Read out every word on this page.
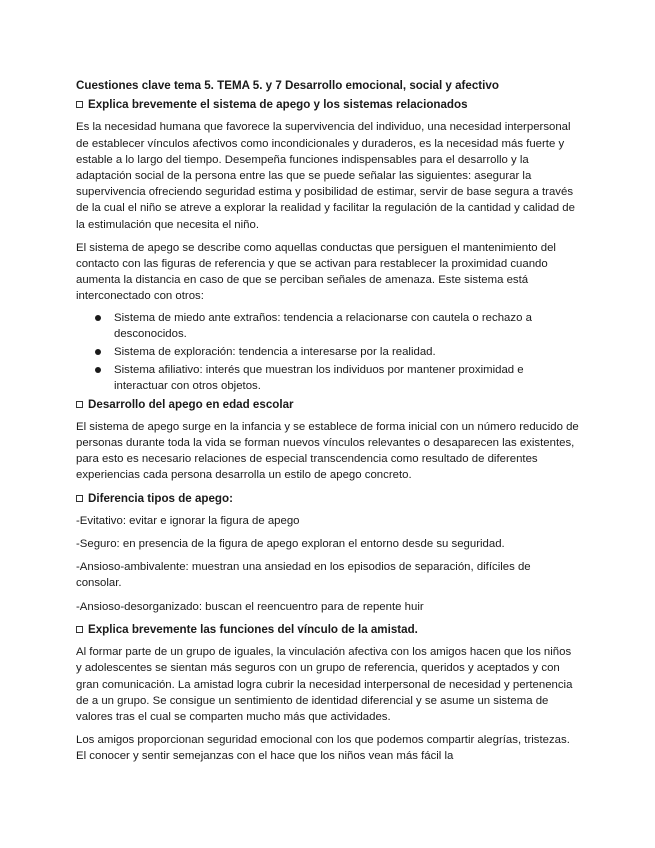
Cuestiones clave tema 5. TEMA 5. y 7 Desarrollo emocional, social y afectivo
Explica brevemente el sistema de apego y los sistemas relacionados

Es la necesidad humana que favorece la supervivencia del individuo, una necesidad interpersonal de establecer vínculos afectivos como incondicionales y duraderos, es la necesidad más fuerte y estable a lo largo del tiempo. Desempeña funciones indispensables para el desarrollo y la adaptación social de la persona entre las que se puede señalar las siguientes: asegurar la supervivencia ofreciendo seguridad estima y posibilidad de estimar, servir de base segura a través de la cual el niño se atreve a explorar la realidad y facilitar la regulación de la cantidad y calidad de la estimulación que necesita el niño.

El sistema de apego se describe como aquellas conductas que persiguen el mantenimiento del contacto con las figuras de referencia y que se activan para restablecer la proximidad cuando aumenta la distancia en caso de que se perciban señales de amenaza. Este sistema está interconectado con otros:

Sistema de miedo ante extraños: tendencia a relacionarse con cautela o rechazo a desconocidos.
Sistema de exploración: tendencia a interesarse por la realidad.
Sistema afiliativo: interés que muestran los individuos por mantener proximidad e interactuar con otros objetos.
Desarrollo del apego en edad escolar

El sistema de apego surge en la infancia y se establece de forma inicial con un número reducido de personas durante toda la vida se forman nuevos vínculos relevantes o desaparecen las existentes, para esto es necesario relaciones de especial transcendencia como resultado de diferentes experiencias cada persona desarrolla un estilo de apego concreto.

Diferencia tipos de apego:
-Evitativo: evitar e ignorar la figura de apego
-Seguro: en presencia de la figura de apego exploran el entorno desde su seguridad.
-Ansioso-ambivalente: muestran una ansiedad en los episodios de separación, difíciles de consolar.
-Ansioso-desorganizado: buscan el reencuentro para de repente huir
Explica brevemente las funciones del vínculo de la amistad.

Al formar parte de un grupo de iguales, la vinculación afectiva con los amigos hacen que los niños y adolescentes se sientan más seguros con un grupo de referencia, queridos y aceptados y con gran comunicación. La amistad logra cubrir la necesidad interpersonal de necesidad y pertenencia de a un grupo. Se consigue un sentimiento de identidad diferencial y se asume un sistema de valores tras el cual se comparten mucho más que actividades.

Los amigos proporcionan seguridad emocional con los que podemos compartir alegrías, tristezas. El conocer y sentir semejanzas con el hace que los niños vean más fácil la
